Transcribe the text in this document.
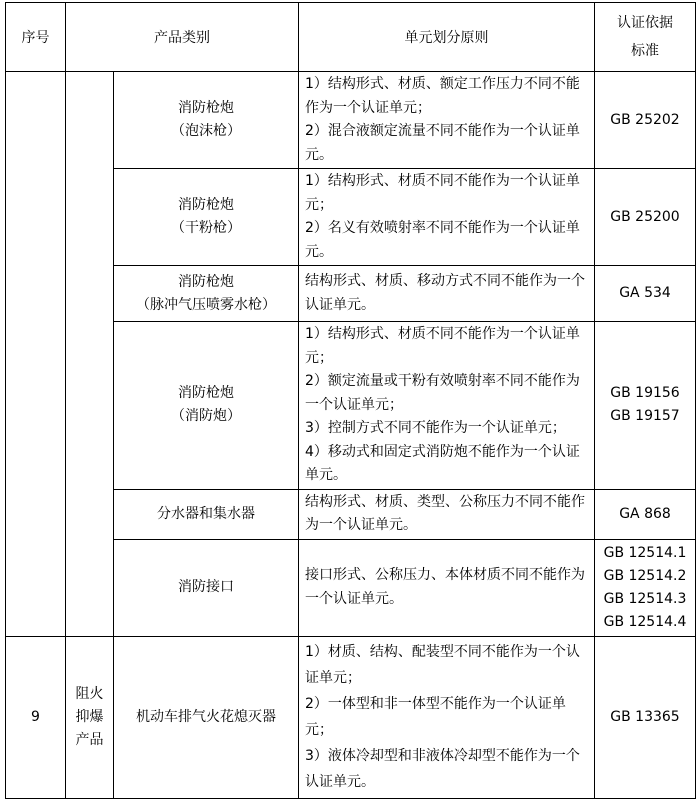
序号	产品类别		单元划分原则	认证依据
标准

		消防枪炮
（泡沫枪）	1）结构形式、材质、额定工作压力不同不能作为一个认证单元；
2）混合液额定流量不同不能作为一个认证单元。	GB 25202

		消防枪炮
（干粉枪）	1）结构形式、材质不同不能作为一个认证单元；
2）名义有效喷射率不同不能作为一个认证单元。	GB 25200

		消防枪炮
（脉冲气压喷雾水枪）	结构形式、材质、移动方式不同不能作为一个认证单元。	GA 534

		消防枪炮
（消防炮）	1）结构形式、材质不同不能作为一个认证单元；
2）额定流量或干粉有效喷射率不同不能作为一个认证单元；
3）控制方式不同不能作为一个认证单元；
4）移动式和固定式消防炮不能作为一个认证单元。	GB 19156
GB 19157

		分水器和集水器	结构形式、材质、类型、公称压力不同不能作为一个认证单元。	GA 868

		消防接口	接口形式、公称压力、本体材质不同不能作为一个认证单元。	GB 12514.1
GB 12514.2
GB 12514.3
GB 12514.4

9	阻火
抑爆
产品	机动车排气火花熄灭器	1）材质、结构、配装型不同不能作为一个认证单元；
2）一体型和非一体型不能作为一个认证单元；
3）液体冷却型和非液体冷却型不能作为一个认证单元。	GB 13365
